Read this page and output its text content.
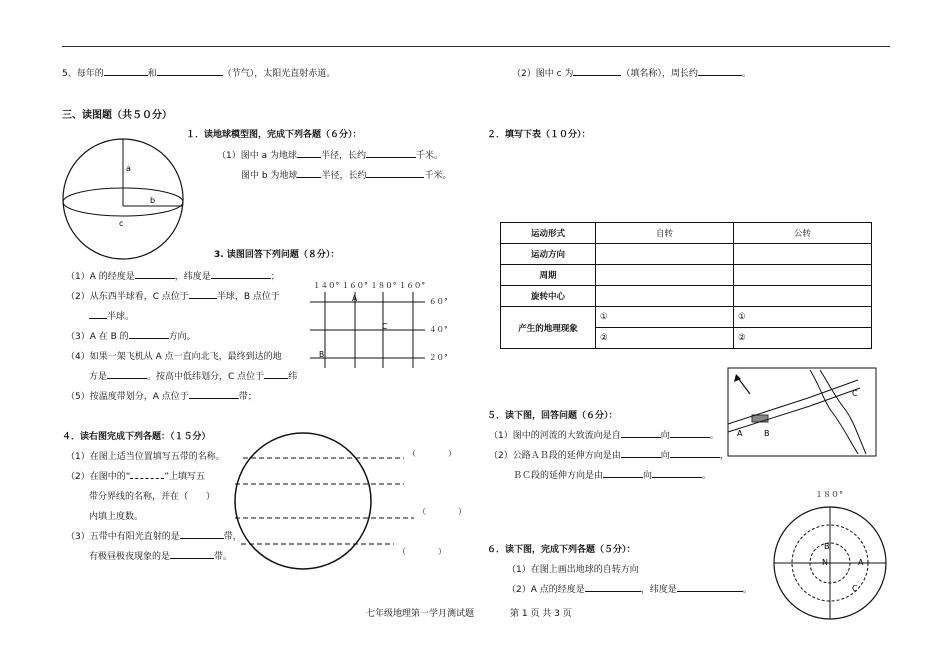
5、每年的	和	（节气），太阳光直射赤道。	（2）图中 c 为	（填名称），周长约	。
三、读图题（共５０分）
１．读地球模型图，完成下列各题（６分）：
a
b
c
（1）图中 a 为地球	半径，长约	千米。
图中 b 为地球	半径，长约	千米。
3. 读图回答下列问题（８分）：
（1）A 的经度是	，纬度是	；
（2）从东西半球看，C 点位于	半球，B 点位于
半球。
（3）A 在 B 的	方向。
（4）如果一架飞机从 A 点一直向北飞，最终到达的地
方是	。按高中低纬划分，C 点位于	纬
（5）按温度带划分，A 点位于	带；
１４０° １６０° １８０° １６０°
６０°
４０°
２０°
A
C
B
４．读右图完成下列各题：（１５分）
（1）在图上适当位置填写五带的名称。
（2）在图中的“	”上填写五
带分界线的名称，并在（　　）
内填上度数。
（3）五带中有阳光直射的是	带，
有极昼极夜现象的是	带。
（　　　　）
（　　　　）
（　　　　）
２．填写下表（１０分）：
运动形式	自转	公转
运动方向		
周期		
旋转中心		
产生的地理现象	①	①
	②	②
A	B
C
５．读下图，回答问题（６分）：
（1）图中的河流的大致流向是自	向	。
（2）公路ＡＢ段的延伸方向是由	向	，
ＢＣ段的延伸方向是由	向	。
６．读下图，完成下列各题（５分）：
（1）在图上画出地球的自转方向
（2）A 点的经度是	，纬度是	。
１８０°
B
N	A
C
七年级地理第一学月测试题	第 1 页 共 3 页
